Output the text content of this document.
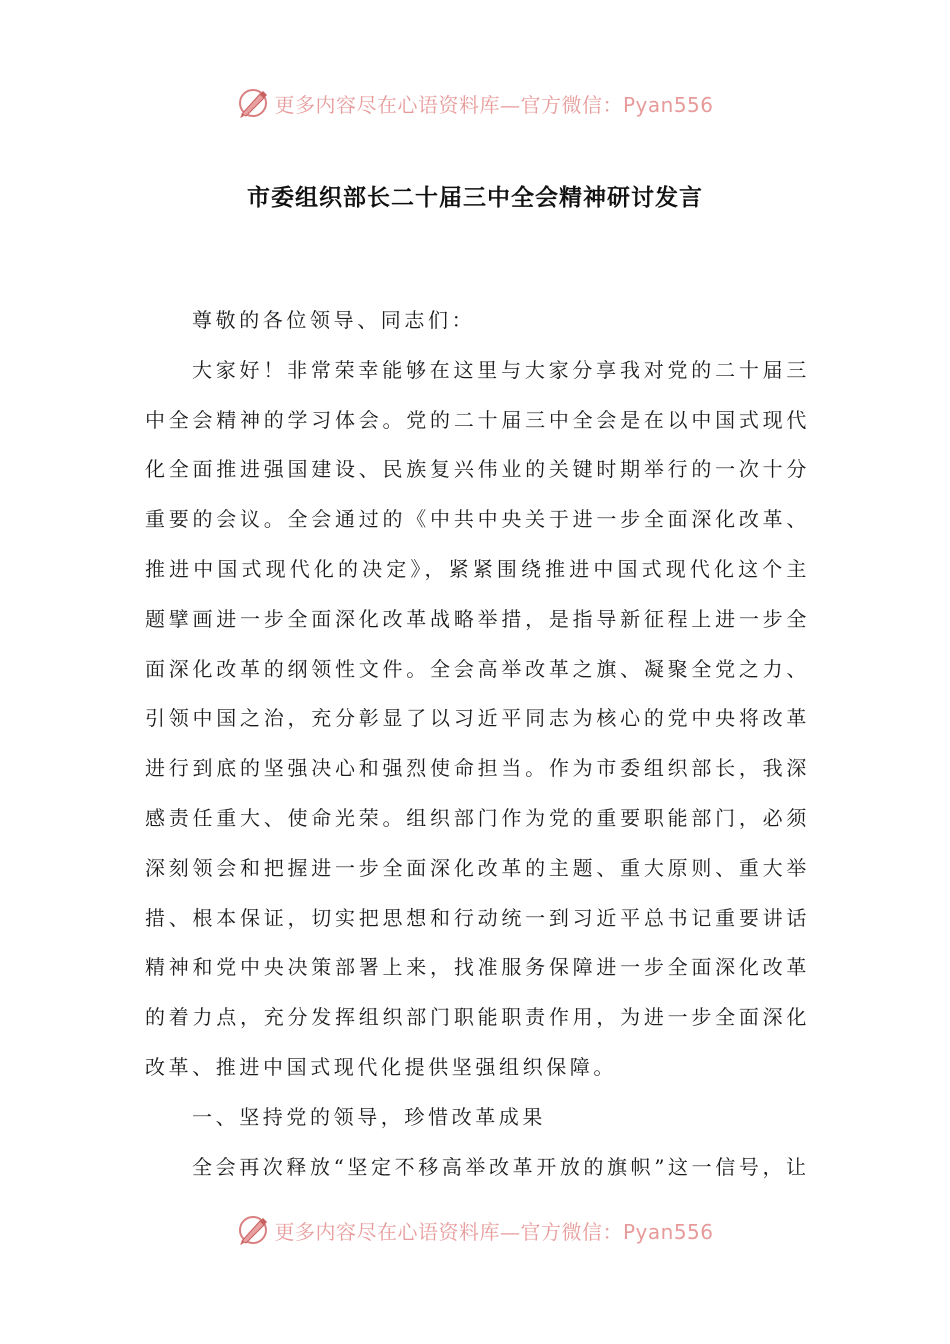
更多内容尽在心语资料库—官方微信：Pyan556
市委组织部长二十届三中全会精神研讨发言

尊敬的各位领导、同志们：

大家好！非常荣幸能够在这里与大家分享我对党的二十届三中全会精神的学习体会。党的二十届三中全会是在以中国式现代化全面推进强国建设、民族复兴伟业的关键时期举行的一次十分重要的会议。全会通过的《中共中央关于进一步全面深化改革、推进中国式现代化的决定》，紧紧围绕推进中国式现代化这个主题擘画进一步全面深化改革战略举措，是指导新征程上进一步全面深化改革的纲领性文件。全会高举改革之旗、凝聚全党之力、引领中国之治，充分彰显了以习近平同志为核心的党中央将改革进行到底的坚强决心和强烈使命担当。作为市委组织部长，我深感责任重大、使命光荣。组织部门作为党的重要职能部门，必须深刻领会和把握进一步全面深化改革的主题、重大原则、重大举措、根本保证，切实把思想和行动统一到习近平总书记重要讲话精神和党中央决策部署上来，找准服务保障进一步全面深化改革的着力点，充分发挥组织部门职能职责作用，为进一步全面深化改革、推进中国式现代化提供坚强组织保障。

一、坚持党的领导，珍惜改革成果

全会再次释放“坚定不移高举改革开放的旗帜”这一信号，让

更多内容尽在心语资料库—官方微信：Pyan556
